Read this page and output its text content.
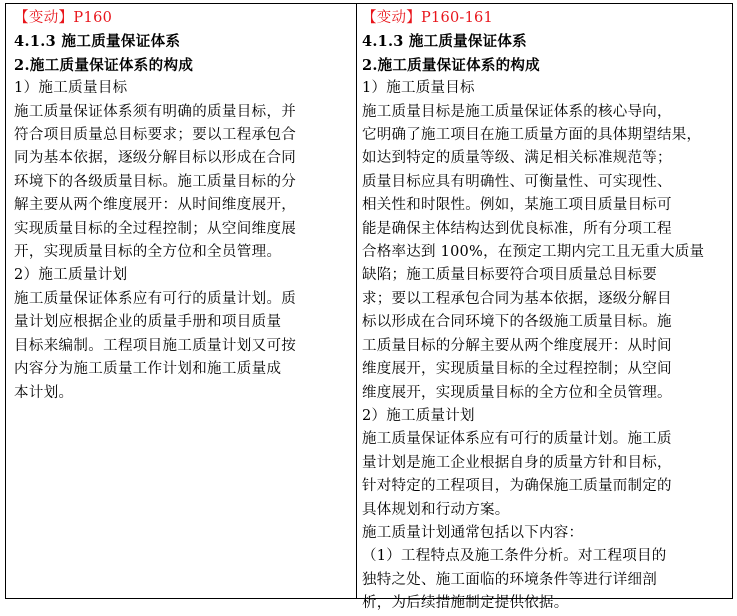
【变动】P160
4.1.3 施工质量保证体系
2.施工质量保证体系的构成
1）施工质量目标
施工质量保证体系须有明确的质量目标，并
符合项目质量总目标要求；要以工程承包合
同为基本依据，逐级分解目标以形成在合同
环境下的各级质量目标。施工质量目标的分
解主要从两个维度展开：从时间维度展开，
实现质量目标的全过程控制；从空间维度展
开，实现质量目标的全方位和全员管理。
2）施工质量计划
施工质量保证体系应有可行的质量计划。质
量计划应根据企业的质量手册和项目质量
目标来编制。工程项目施工质量计划又可按
内容分为施工质量工作计划和施工质量成
本计划。
【变动】P160-161
4.1.3 施工质量保证体系
2.施工质量保证体系的构成
1）施工质量目标
施工质量目标是施工质量保证体系的核心导向，
它明确了施工项目在施工质量方面的具体期望结果，
如达到特定的质量等级、满足相关标准规范等；
质量目标应具有明确性、可衡量性、可实现性、
相关性和时限性。例如，某施工项目质量目标可
能是确保主体结构达到优良标准，所有分项工程
合格率达到 100%，在预定工期内完工且无重大质量
缺陷；施工质量目标要符合项目质量总目标要
求；要以工程承包合同为基本依据，逐级分解目
标以形成在合同环境下的各级施工质量目标。施
工质量目标的分解主要从两个维度展开：从时间
维度展开，实现质量目标的全过程控制；从空间
维度展开，实现质量目标的全方位和全员管理。
2）施工质量计划
施工质量保证体系应有可行的质量计划。施工质
量计划是施工企业根据自身的质量方针和目标，
针对特定的工程项目，为确保施工质量而制定的
具体规划和行动方案。
施工质量计划通常包括以下内容：
（1）工程特点及施工条件分析。对工程项目的
独特之处、施工面临的环境条件等进行详细剖
析，为后续措施制定提供依据。
